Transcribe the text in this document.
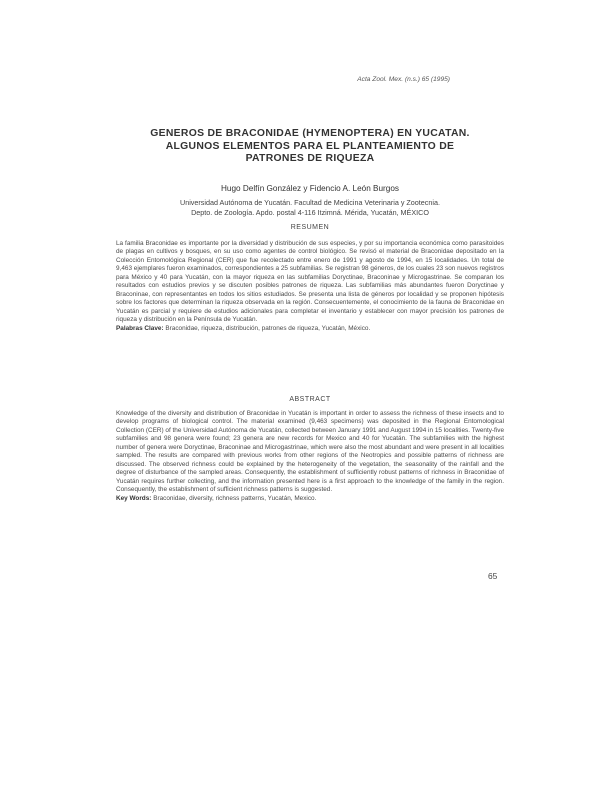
Acta Zool. Mex. (n.s.) 65 (1995)
GENEROS DE BRACONIDAE (HYMENOPTERA) EN YUCATAN.
ALGUNOS ELEMENTOS PARA EL PLANTEAMIENTO DE
PATRONES DE RIQUEZA
Hugo Delfín González y Fidencio A. León Burgos
Universidad Autónoma de Yucatán. Facultad de Medicina Veterinaria y Zootecnia.
Depto. de Zoología. Apdo. postal 4-116 Itzimná. Mérida, Yucatán, MÉXICO
RESUMEN

La familia Braconidae es importante por la diversidad y distribución de sus especies, y por su importancia económica como parasitoides de plagas en cultivos y bosques, en su uso como agentes de control biológico. Se revisó el material de Braconidae depositado en la Colección Entomológica Regional (CER) que fue recolectado entre enero de 1991 y agosto de 1994, en 15 localidades. Un total de 9,463 ejemplares fueron examinados, correspondientes a 25 subfamilias. Se registran 98 géneros, de los cuales 23 son nuevos registros para México y 40 para Yucatán, con la mayor riqueza en las subfamilias Doryctinae, Braconinae y Microgastrinae. Se comparan los resultados con estudios previos y se discuten posibles patrones de riqueza. Las subfamilias más abundantes fueron Doryctinae y Braconinae, con representantes en todos los sitios estudiados. Se presenta una lista de géneros por localidad y se proponen hipótesis sobre los factores que determinan la riqueza observada en la región. Consecuentemente, el conocimiento de la fauna de Braconidae en Yucatán es parcial y requiere de estudios adicionales para completar el inventario y establecer con mayor precisión los patrones de riqueza y distribución en la Península de Yucatán.
Palabras Clave: Braconidae, riqueza, distribución, patrones de riqueza, Yucatán, México.

ABSTRACT

Knowledge of the diversity and distribution of Braconidae in Yucatán is important in order to assess the richness of these insects and to develop programs of biological control. The material examined (9,463 specimens) was deposited in the Regional Entomological Collection (CER) of the Universidad Autónoma de Yucatán, collected between January 1991 and August 1994 in 15 localities. Twenty-five subfamilies and 98 genera were found; 23 genera are new records for Mexico and 40 for Yucatán. The subfamilies with the highest number of genera were Doryctinae, Braconinae and Microgastrinae, which were also the most abundant and were present in all localities sampled. The results are compared with previous works from other regions of the Neotropics and possible patterns of richness are discussed. The observed richness could be explained by the heterogeneity of the vegetation, the seasonality of the rainfall and the degree of disturbance of the sampled areas. Consequently, the establishment of sufficiently robust patterns of richness in Braconidae of Yucatán requires further collecting, and the information presented here is a first approach to the knowledge of the family in the region. Consequently, the establishment of sufficient richness patterns is suggested.
Key Words: Braconidae, diversity, richness patterns, Yucatán, Mexico.

65
